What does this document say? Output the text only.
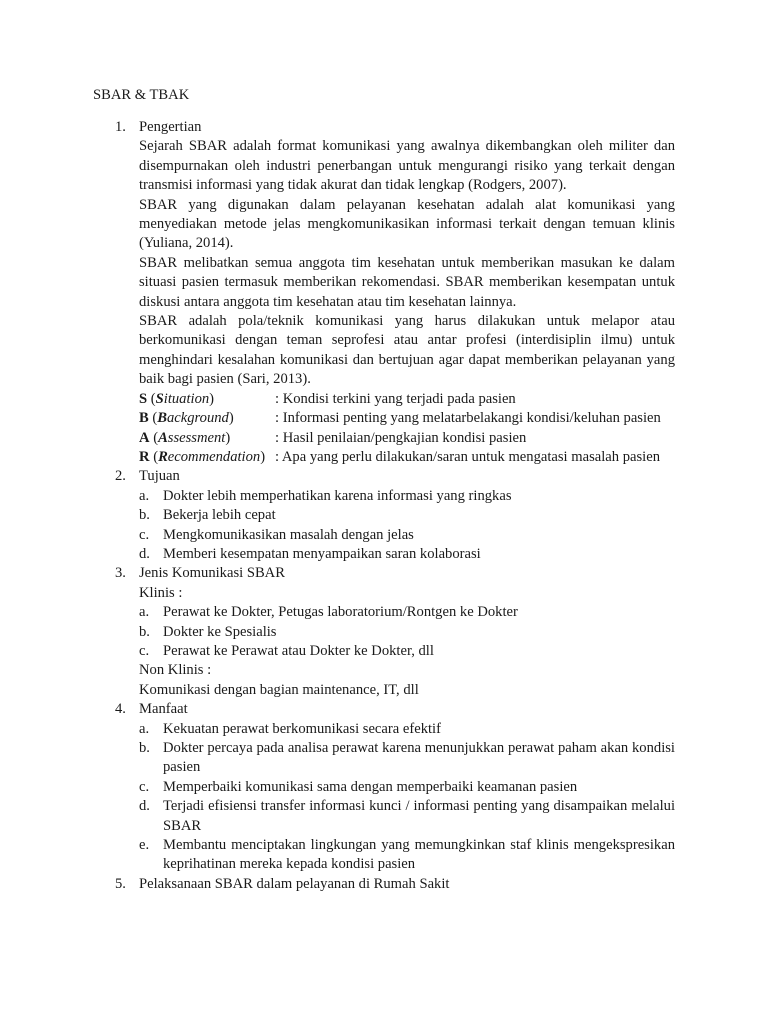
SBAR & TBAK
1. Pengertian
Sejarah SBAR adalah format komunikasi yang awalnya dikembangkan oleh militer dan disempurnakan oleh industri penerbangan untuk mengurangi risiko yang terkait dengan transmisi informasi yang tidak akurat dan tidak lengkap (Rodgers, 2007).
SBAR yang digunakan dalam pelayanan kesehatan adalah alat komunikasi yang menyediakan metode jelas mengkomunikasikan informasi terkait dengan temuan klinis (Yuliana, 2014).
SBAR melibatkan semua anggota tim kesehatan untuk memberikan masukan ke dalam situasi pasien termasuk memberikan rekomendasi. SBAR memberikan kesempatan untuk diskusi antara anggota tim kesehatan atau tim kesehatan lainnya.
SBAR adalah pola/teknik komunikasi yang harus dilakukan untuk melapor atau berkomunikasi dengan teman seprofesi atau antar profesi (interdisiplin ilmu) untuk menghindari kesalahan komunikasi dan bertujuan agar dapat memberikan pelayanan yang baik bagi pasien (Sari, 2013).
S (Situation)	: Kondisi terkini yang terjadi pada pasien
B (Background)	: Informasi penting yang melatarbelakangi kondisi/keluhan pasien
A (Assessment)	: Hasil penilaian/pengkajian kondisi pasien
R (Recommendation) : Apa yang perlu dilakukan/saran untuk mengatasi masalah pasien
2. Tujuan
a. Dokter lebih memperhatikan karena informasi yang ringkas
b. Bekerja lebih cepat
c. Mengkomunikasikan masalah dengan jelas
d. Memberi kesempatan menyampaikan saran kolaborasi
3. Jenis Komunikasi SBAR
Klinis :
a. Perawat ke Dokter, Petugas laboratorium/Rontgen ke Dokter
b. Dokter ke Spesialis
c. Perawat ke Perawat atau Dokter ke Dokter, dll
Non Klinis :
Komunikasi dengan bagian maintenance, IT, dll
4. Manfaat
a. Kekuatan perawat berkomunikasi secara efektif
b. Dokter percaya pada analisa perawat karena menunjukkan perawat paham akan kondisi pasien
c. Memperbaiki komunikasi sama dengan memperbaiki keamanan pasien
d. Terjadi efisiensi transfer informasi kunci / informasi penting yang disampaikan melalui SBAR
e. Membantu menciptakan lingkungan yang memungkinkan staf klinis mengekspresikan keprihatinan mereka kepada kondisi pasien
5. Pelaksanaan SBAR dalam pelayanan di Rumah Sakit
